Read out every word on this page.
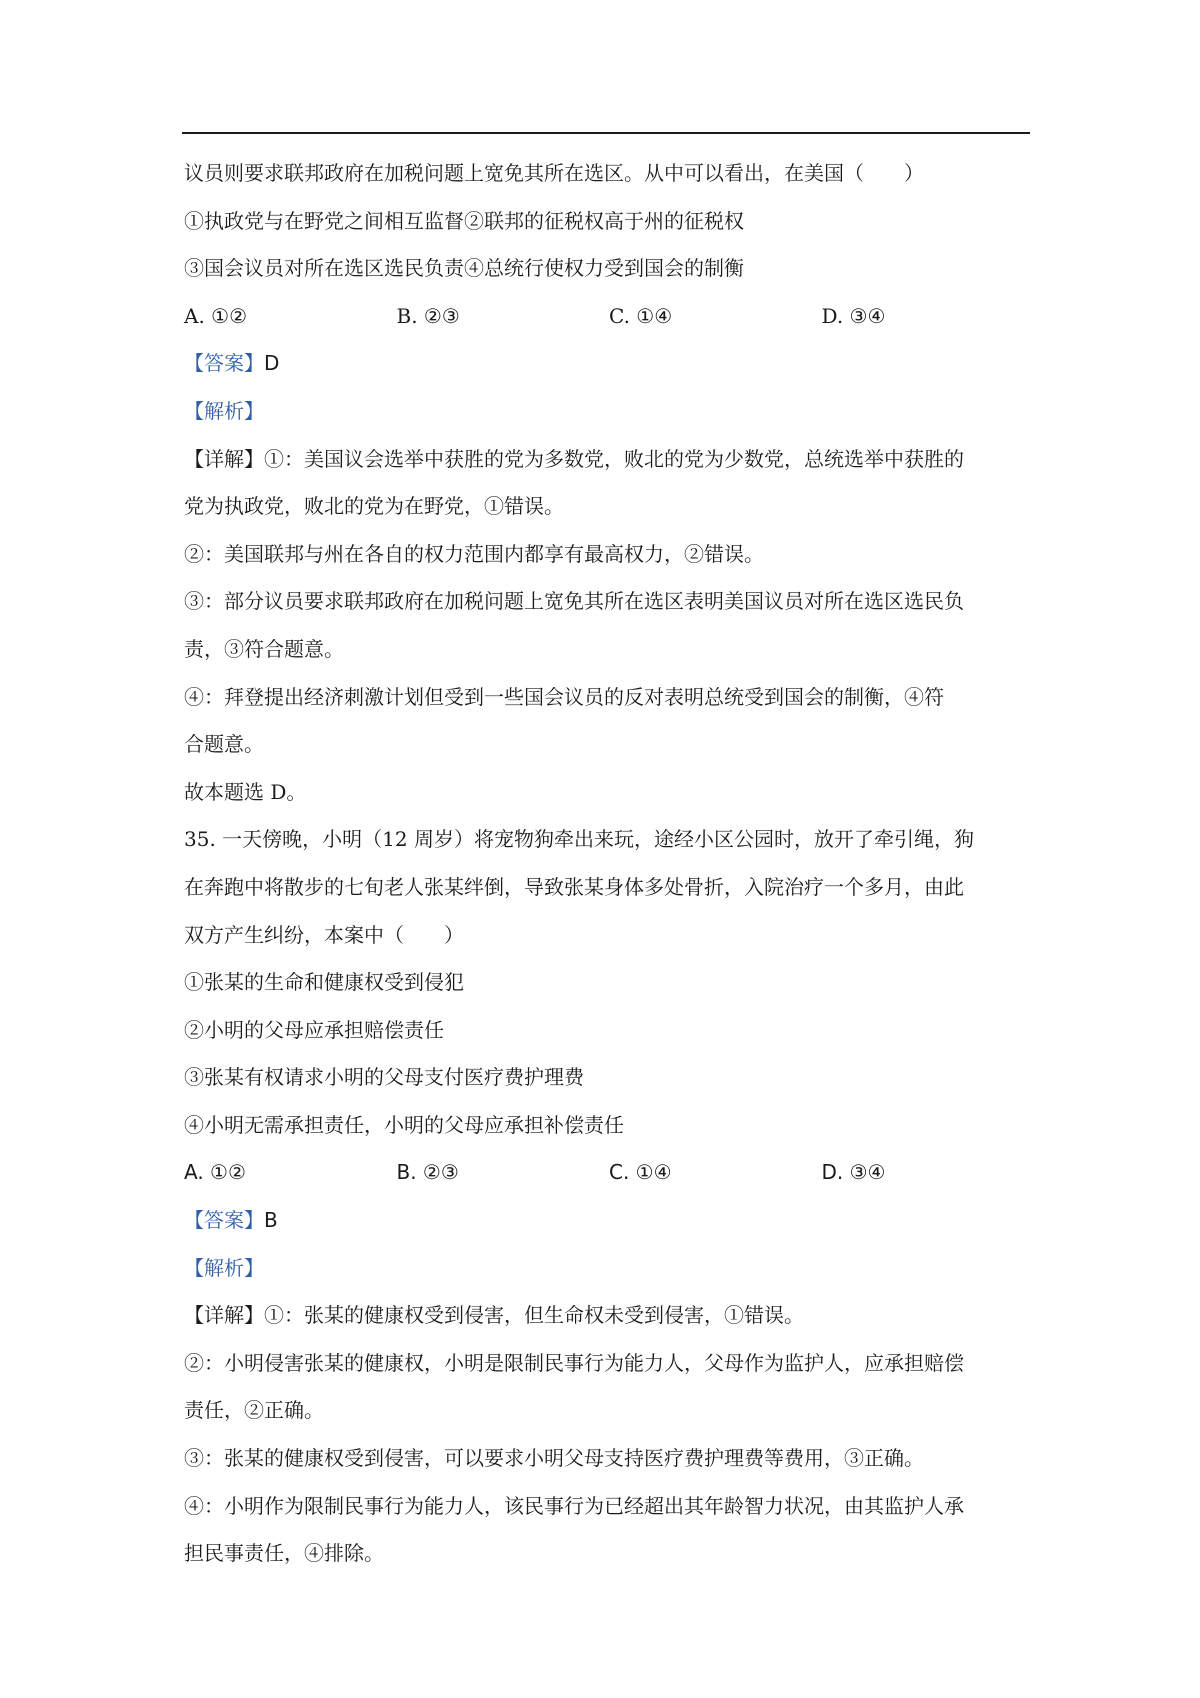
议员则要求联邦政府在加税问题上宽免其所在选区。从中可以看出，在美国（　　）

①执政党与在野党之间相互监督②联邦的征税权高于州的征税权

③国会议员对所在选区选民负责④总统行使权力受到国会的制衡

A. ①②	B. ②③	C. ①④	D. ③④

【答案】D

【解析】

【详解】①：美国议会选举中获胜的党为多数党，败北的党为少数党，总统选举中获胜的

党为执政党，败北的党为在野党，①错误。

②：美国联邦与州在各自的权力范围内都享有最高权力，②错误。

③：部分议员要求联邦政府在加税问题上宽免其所在选区表明美国议员对所在选区选民负

责，③符合题意。

④：拜登提出经济刺激计划但受到一些国会议员的反对表明总统受到国会的制衡，④符

合题意。

故本题选 D。

35. 一天傍晚，小明（12 周岁）将宠物狗牵出来玩，途经小区公园时，放开了牵引绳，狗

在奔跑中将散步的七旬老人张某绊倒，导致张某身体多处骨折，入院治疗一个多月，由此

双方产生纠纷，本案中（　　）

①张某的生命和健康权受到侵犯

②小明的父母应承担赔偿责任

③张某有权请求小明的父母支付医疗费护理费

④小明无需承担责任，小明的父母应承担补偿责任

A. ①②	B. ②③	C. ①④	D. ③④

【答案】B

【解析】

【详解】①：张某的健康权受到侵害，但生命权未受到侵害，①错误。

②：小明侵害张某的健康权，小明是限制民事行为能力人，父母作为监护人，应承担赔偿

责任，②正确。

③：张某的健康权受到侵害，可以要求小明父母支持医疗费护理费等费用，③正确。

④：小明作为限制民事行为能力人，该民事行为已经超出其年龄智力状况，由其监护人承

担民事责任，④排除。
